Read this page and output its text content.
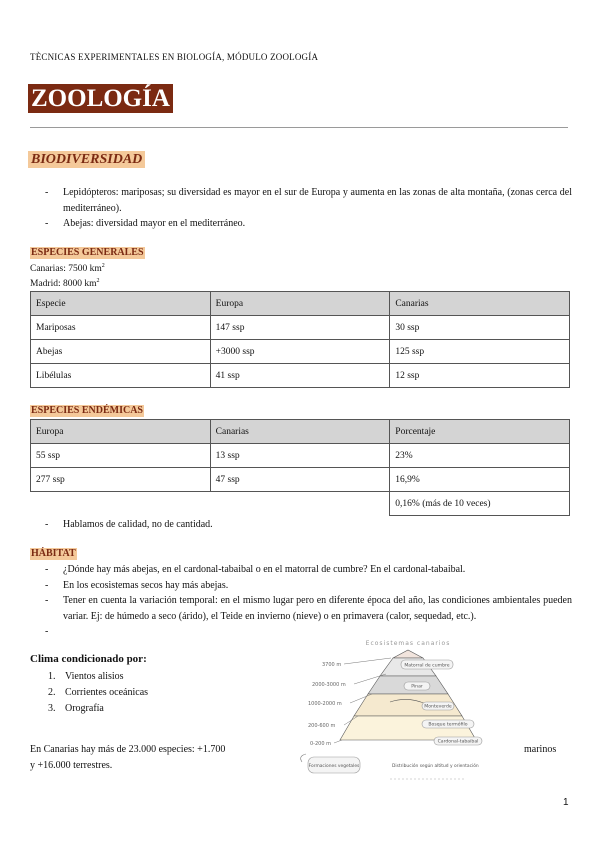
TÈCNICAS EXPERIMENTALES EN BIOLOGÍA, MÓDULO ZOOLOGÍA
ZOOLOGÍA
BIODIVERSIDAD
- Lepidópteros: mariposas; su diversidad es mayor en el sur de Europa y aumenta en las zonas de alta montaña, (zonas cerca del mediterráneo).
- Abejas: diversidad mayor en el mediterráneo.
ESPECIES GENERALES
Canarias: 7500 $km^2$
Madrid: 8000 $km^2$
Especie	Europa	Canarias
Mariposas	147 ssp	30 ssp
Abejas	+3000 ssp	125 ssp
Libélulas	41 ssp	12 ssp
ESPECIES ENDÉMICAS
Europa	Canarias	Porcentaje
55 ssp	13 ssp	23%
277 ssp	47 ssp	16,9%
		0,16% (más de 10 veces)
- Hablamos de calidad, no de cantidad.
HÁBITAT
- ¿Dónde hay más abejas, en el cardonal-tabaibal o en el matorral de cumbre? En el cardonal-tabaibal.
- En los ecosistemas secos hay más abejas.
- Tener en cuenta la variación temporal: en el mismo lugar pero en diferente época del año, las condiciones ambientales pueden variar. Ej: de húmedo a seco (árido), el Teide en invierno (nieve) o en primavera (calor, sequedad, etc.).
Clima condicionado por:
1. Vientos alisios
2. Corrientes oceánicas
3. Orografía
Ecosistemas canarios
3700 m
2000-3000 m
1000-2000 m
200-600 m
0-200 m
Matorral de cumbre
Pinar
Monteverde
Bosque termófilo
Cardonal-tabaibal
Formaciones vegetales	Distribución según altitud y orientación
En Canarias hay más de 23.000 especies: +1.700
y +16.000 terrestres.
marinos
1
